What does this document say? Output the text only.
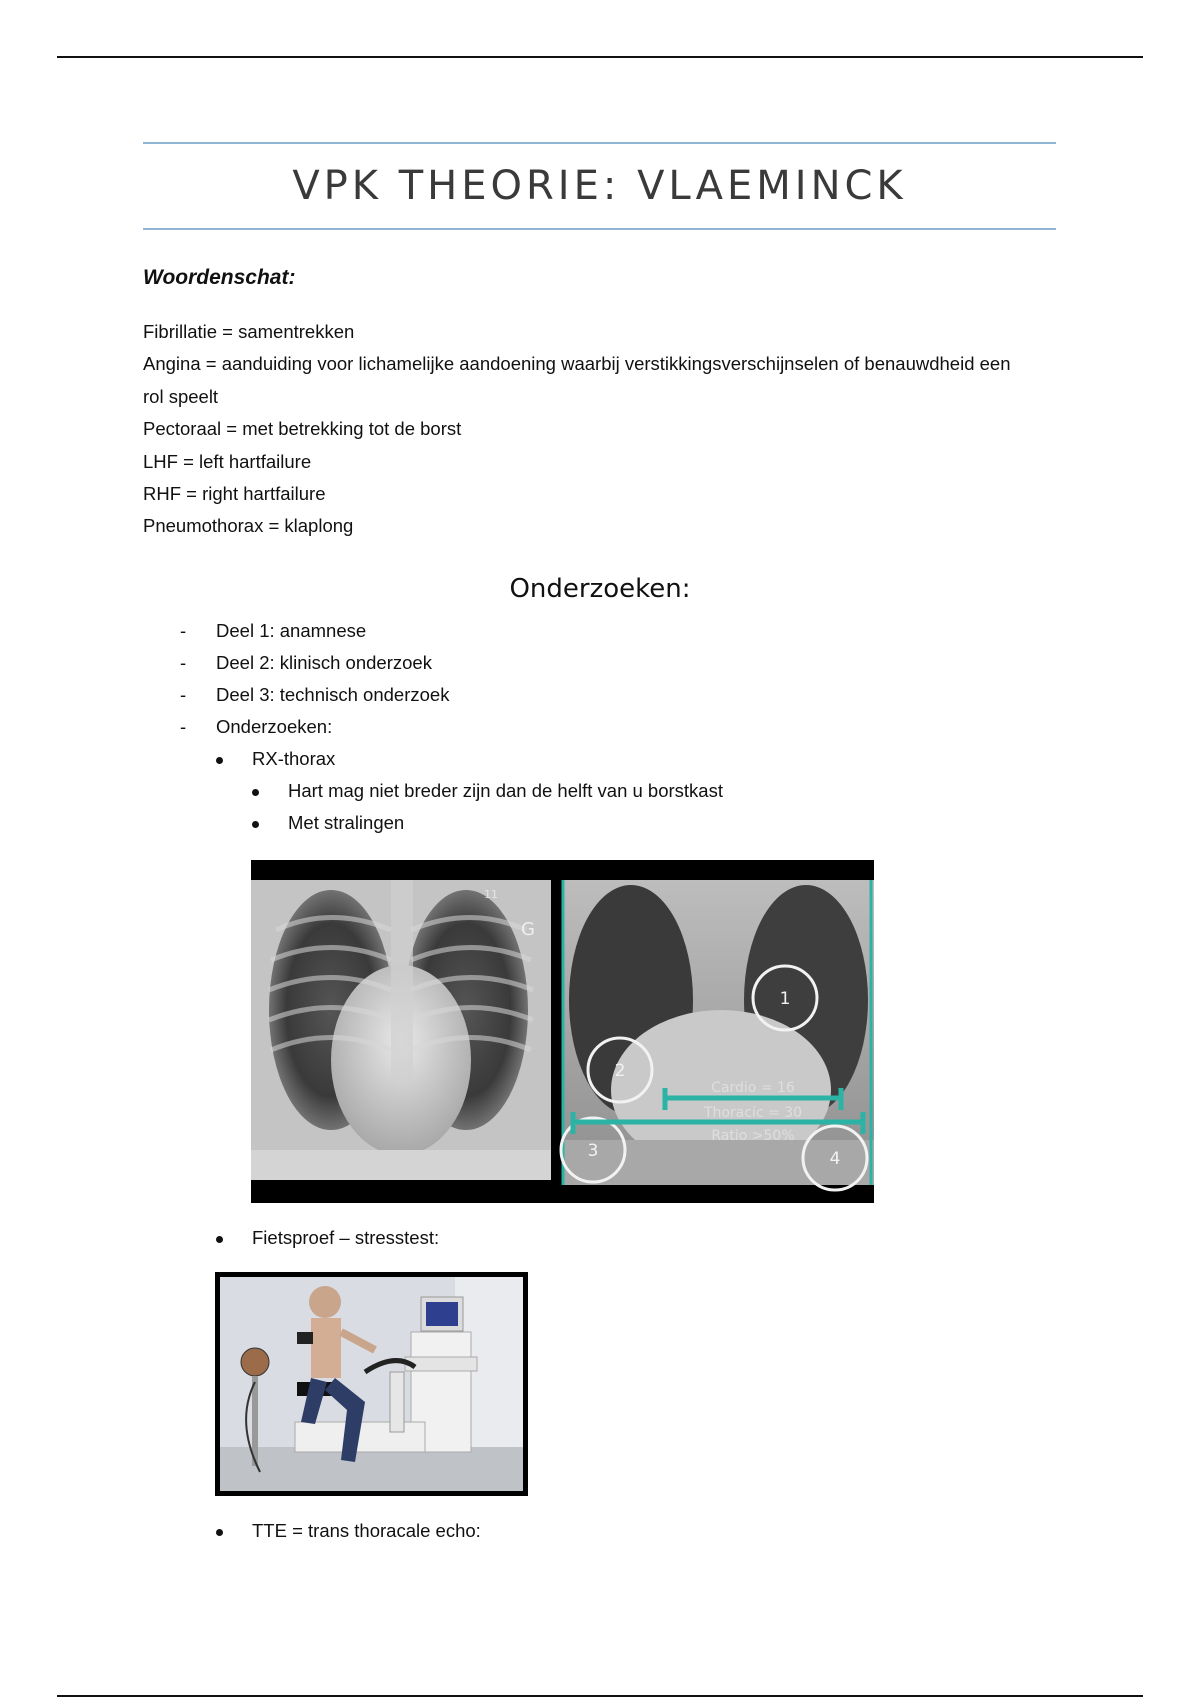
VPK THEORIE: VLAEMINCK
Woordenschat:
Fibrillatie = samentrekken
Angina = aanduiding voor lichamelijke aandoening waarbij verstikkingsverschijnselen of benauwdheid een
rol speelt
Pectoraal = met betrekking tot de borst
LHF = left hartfailure
RHF = right hartfailure
Pneumothorax = klaplong
Onderzoeken:
- Deel 1: anamnese
- Deel 2: klinisch onderzoek
- Deel 3: technisch onderzoek
- Onderzoeken:
RX-thorax
Hart mag niet breder zijn dan de helft van u borstkast
Met stralingen
11
G
1
2
3	4
Cardio = 16
Thoracic = 30
Ratio >50%
Fietsproef – stresstest:
TTE = trans thoracale echo:
